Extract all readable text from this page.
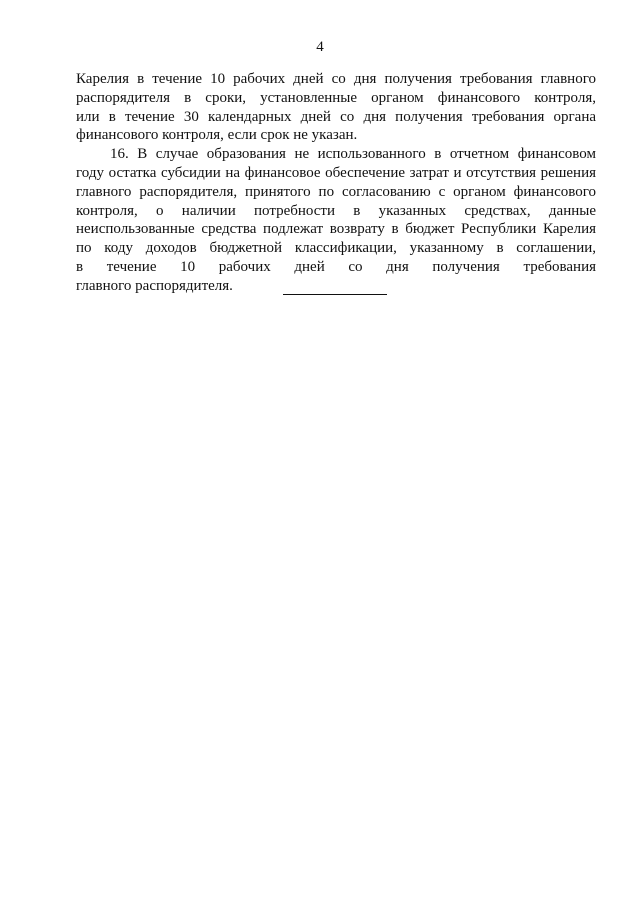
4

Карелия в течение 10 рабочих дней со дня получения требования главного
распорядителя в сроки, установленные органом финансового контроля,
или в течение 30 календарных дней со дня получения требования органа
финансового контроля, если срок не указан.

16. В случае образования не использованного в отчетном финансовом
году остатка субсидии на финансовое обеспечение затрат и отсутствия решения
главного распорядителя, принятого по согласованию с органом финансового
контроля, о наличии потребности в указанных средствах, данные
неиспользованные средства подлежат возврату в бюджет Республики Карелия
по коду доходов бюджетной классификации, указанному в соглашении,
в течение 10 рабочих дней со дня получения требования
главного распорядителя.
